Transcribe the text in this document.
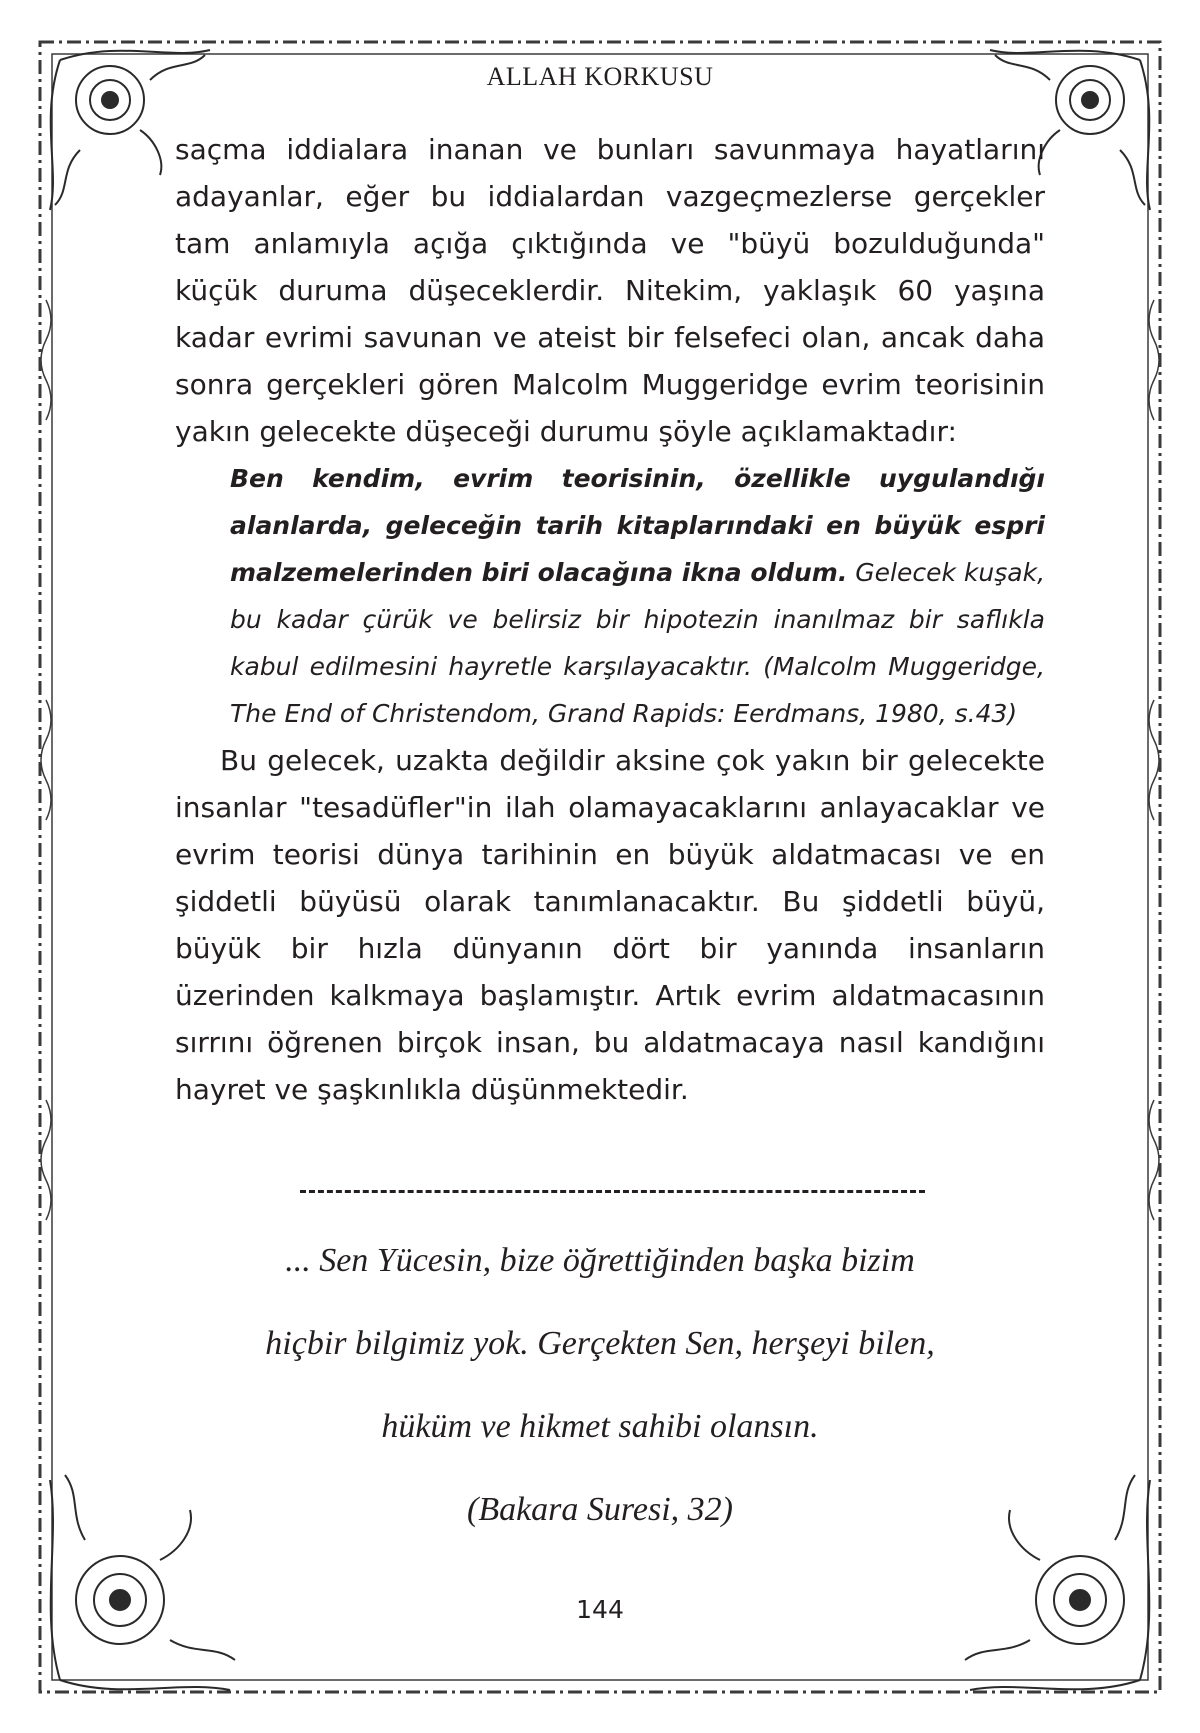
ALLAH KORKUSU

saçma iddialara inanan ve bunları savunmaya hayatlarını adayanlar, eğer bu iddialardan vazgeçmezlerse gerçekler tam anlamıyla açığa çıktığında ve "büyü bozulduğunda" küçük duruma düşeceklerdir. Nitekim, yaklaşık 60 yaşına kadar evrimi savunan ve ateist bir felsefeci olan, ancak daha sonra gerçekleri gören Malcolm Muggeridge evrim teorisinin yakın gelecekte düşeceği durumu şöyle açıklamaktadır:

Ben kendim, evrim teorisinin, özellikle uygulandığı alanlarda, geleceğin tarih kitaplarındaki en büyük espri malzemelerinden biri olacağına ikna oldum. Gelecek kuşak, bu kadar çürük ve belirsiz bir hipotezin inanılmaz bir saflıkla kabul edilmesini hayretle karşılayacaktır. (Malcolm Muggeridge, The End of Christendom, Grand Rapids: Eerdmans, 1980, s.43)

Bu gelecek, uzakta değildir aksine çok yakın bir gelecekte insanlar "tesadüfler"in ilah olamayacaklarını anlayacaklar ve evrim teorisi dünya tarihinin en büyük aldatmacası ve en şiddetli büyüsü olarak tanımlanacaktır. Bu şiddetli büyü, büyük bir hızla dünyanın dört bir yanında insanların üzerinden kalkmaya başlamıştır. Artık evrim aldatmacasının sırrını öğrenen birçok insan, bu aldatmacaya nasıl kandığını hayret ve şaşkınlıkla düşünmektedir.

... Sen Yücesin, bize öğrettiğinden başka bizim
hiçbir bilgimiz yok. Gerçekten Sen, herşeyi bilen,
hüküm ve hikmet sahibi olansın.
(Bakara Suresi, 32)
144
